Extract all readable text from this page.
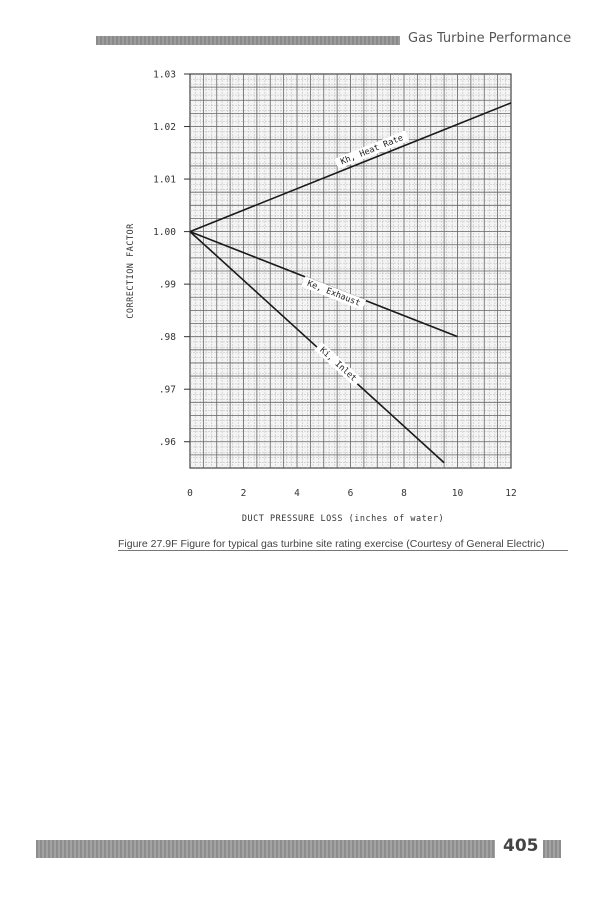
Gas Turbine Performance
0	2	4	6	8	10	12
1.03
1.02
1.01
1.00
.99
.98
.97
.96
Kh, Heat Rate
Ke, Exhaust
Ki, Inlet
CORRECTION FACTOR
DUCT PRESSURE LOSS (inches of water)
Figure 27.9F Figure for typical gas turbine site rating exercise (Courtesy of General Electric)
405
